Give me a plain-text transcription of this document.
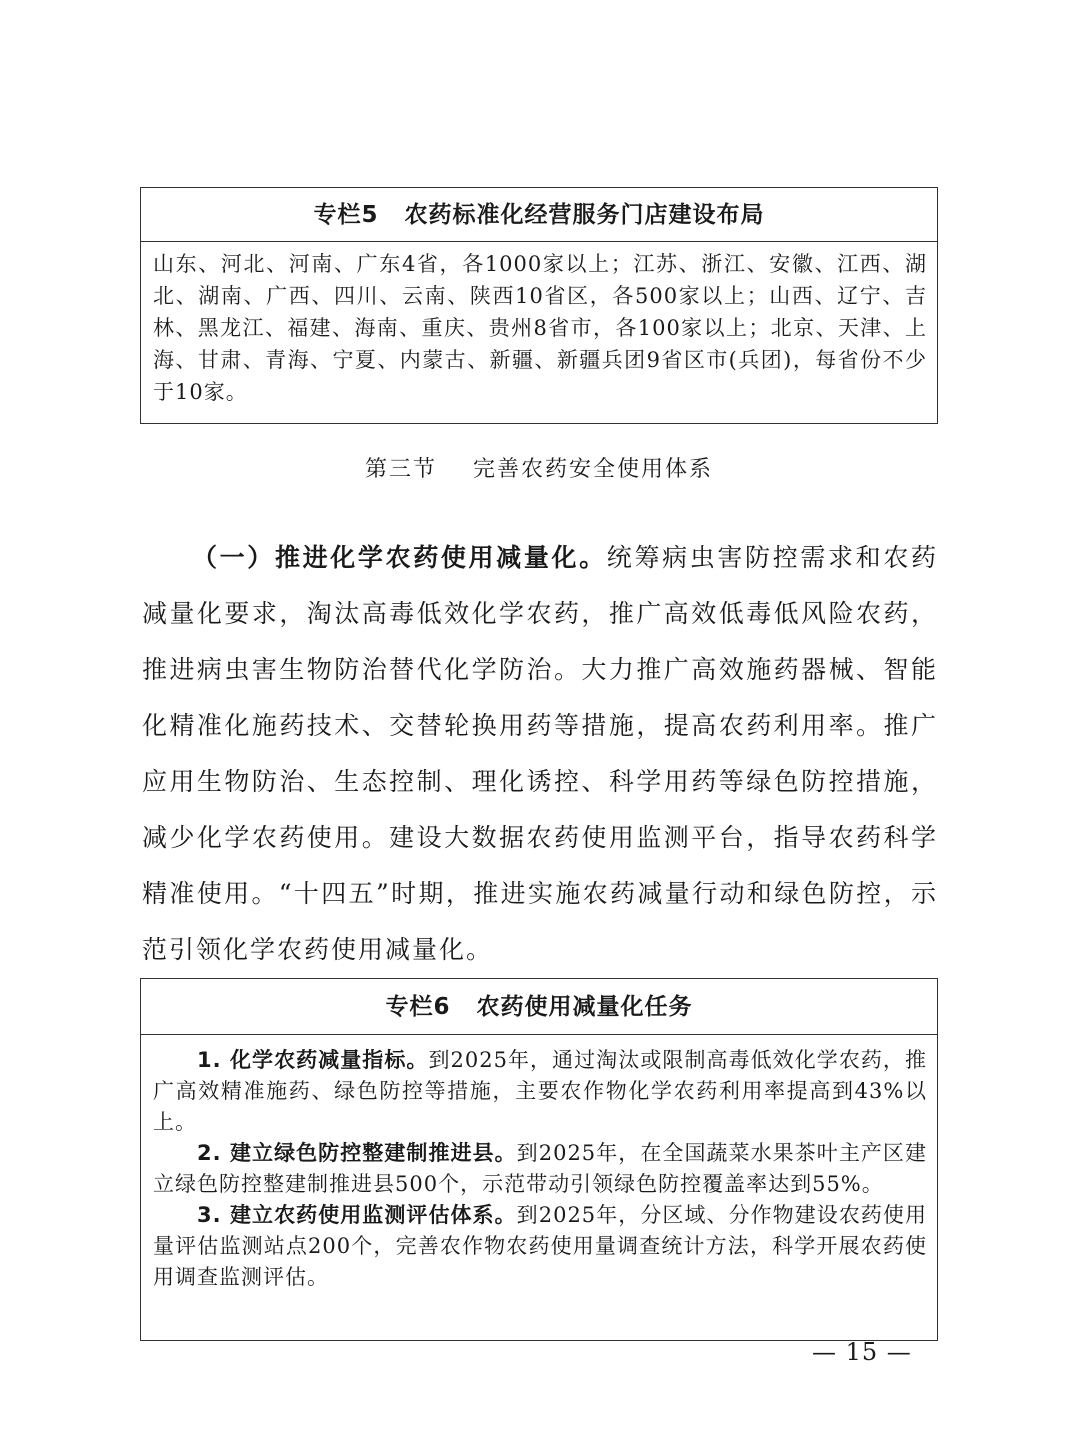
专栏5 农药标准化经营服务门店建设布局
山东、河北、河南、广东4省，各1000家以上；江苏、浙江、安徽、江西、湖北、湖南、广西、四川、云南、陕西10省区，各500家以上；山西、辽宁、吉林、黑龙江、福建、海南、重庆、贵州8省市，各100家以上；北京、天津、上海、甘肃、青海、宁夏、内蒙古、新疆、新疆兵团9省区市(兵团)，每省份不少于10家。
第三节 完善农药安全使用体系
（一）推进化学农药使用减量化。统筹病虫害防控需求和农药减量化要求，淘汰高毒低效化学农药，推广高效低毒低风险农药，推进病虫害生物防治替代化学防治。大力推广高效施药器械、智能化精准化施药技术、交替轮换用药等措施，提高农药利用率。推广应用生物防治、生态控制、理化诱控、科学用药等绿色防控措施，减少化学农药使用。建设大数据农药使用监测平台，指导农药科学精准使用。“十四五”时期，推进实施农药减量行动和绿色防控，示范引领化学农药使用减量化。
专栏6 农药使用减量化任务

1. 化学农药减量指标。到2025年，通过淘汰或限制高毒低效化学农药，推广高效精准施药、绿色防控等措施，主要农作物化学农药利用率提高到43%以上。

2. 建立绿色防控整建制推进县。到2025年，在全国蔬菜水果茶叶主产区建立绿色防控整建制推进县500个，示范带动引领绿色防控覆盖率达到55%。

3. 建立农药使用监测评估体系。到2025年，分区域、分作物建设农药使用量评估监测站点200个，完善农作物农药使用量调查统计方法，科学开展农药使用调查监测评估。

— 15 —
